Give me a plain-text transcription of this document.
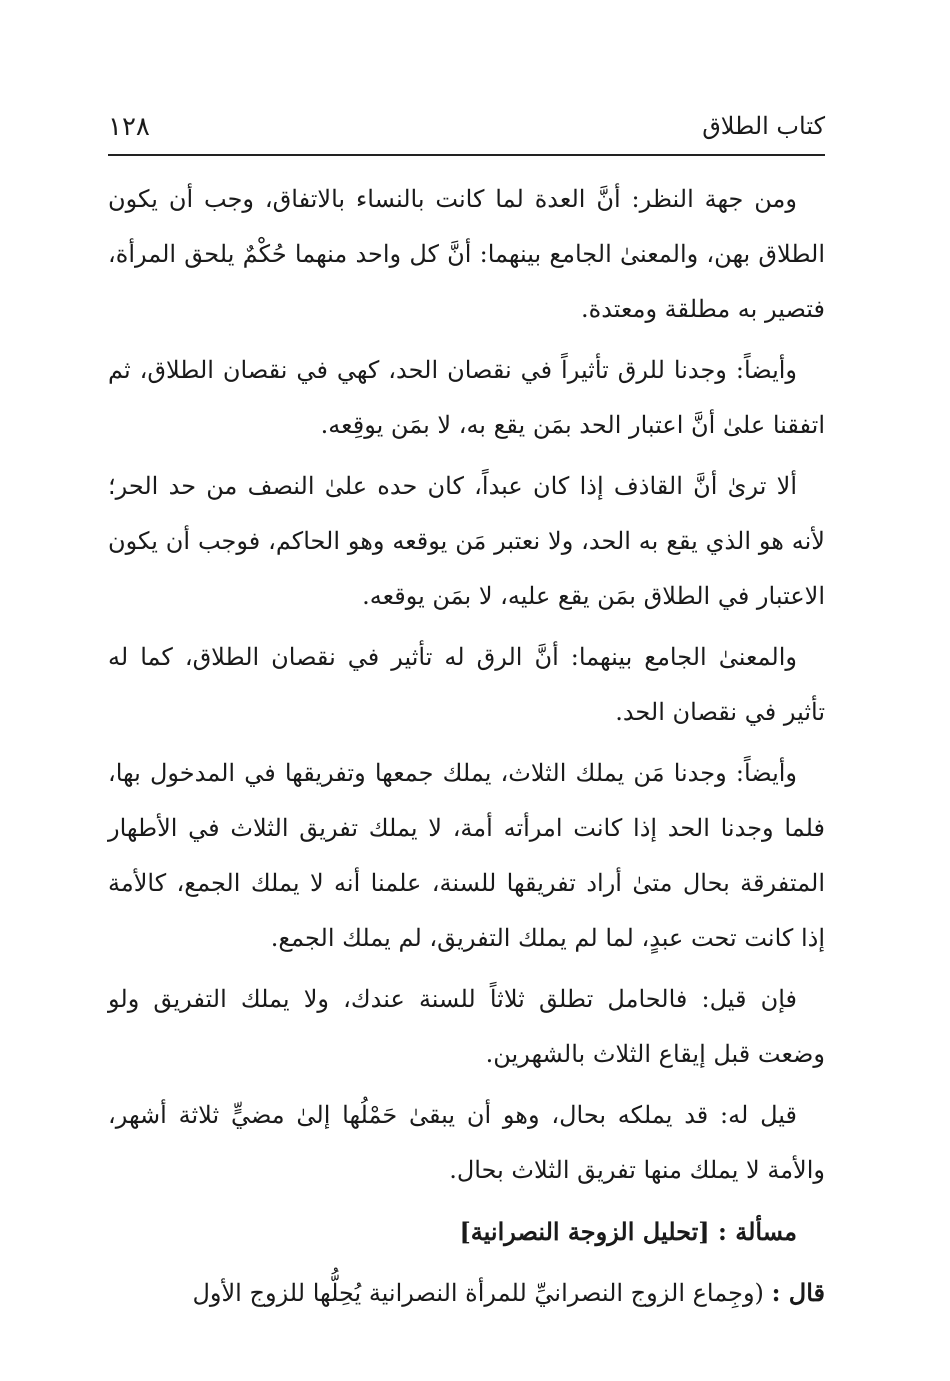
كتاب الطلاق
١٢٨

ومن جهة النظر: أنَّ العدة لما كانت بالنساء بالاتفاق، وجب أن يكون الطلاق بهن، والمعنىٰ الجامع بينهما: أنَّ كل واحد منهما حُكْمٌ يلحق المرأة، فتصير به مطلقة ومعتدة.

وأيضاً: وجدنا للرق تأثيراً في نقصان الحد، كهي في نقصان الطلاق، ثم اتفقنا علىٰ أنَّ اعتبار الحد بمَن يقع به، لا بمَن يوقِعه.

ألا ترىٰ أنَّ القاذف إذا كان عبداً، كان حده علىٰ النصف من حد الحر؛ لأنه هو الذي يقع به الحد، ولا نعتبر مَن يوقعه وهو الحاكم، فوجب أن يكون الاعتبار في الطلاق بمَن يقع عليه، لا بمَن يوقعه.

والمعنىٰ الجامع بينهما: أنَّ الرق له تأثير في نقصان الطلاق، كما له تأثير في نقصان الحد.

وأيضاً: وجدنا مَن يملك الثلاث، يملك جمعها وتفريقها في المدخول بها، فلما وجدنا الحد إذا كانت امرأته أمة، لا يملك تفريق الثلاث في الأطهار المتفرقة بحال متىٰ أراد تفريقها للسنة، علمنا أنه لا يملك الجمع، كالأمة إذا كانت تحت عبدٍ، لما لم يملك التفريق، لم يملك الجمع.

فإن قيل: فالحامل تطلق ثلاثاً للسنة عندك، ولا يملك التفريق ولو وضعت قبل إيقاع الثلاث بالشهرين.

قيل له: قد يملكه بحال، وهو أن يبقىٰ حَمْلُها إلىٰ مضيٍّ ثلاثة أشهر، والأمة لا يملك منها تفريق الثلاث بحال.

مسألة : [تحليل الزوجة النصرانية]

قال : (وجِماع الزوج النصرانيِّ للمرأة النصرانية يُحِلُّها للزوج الأول
